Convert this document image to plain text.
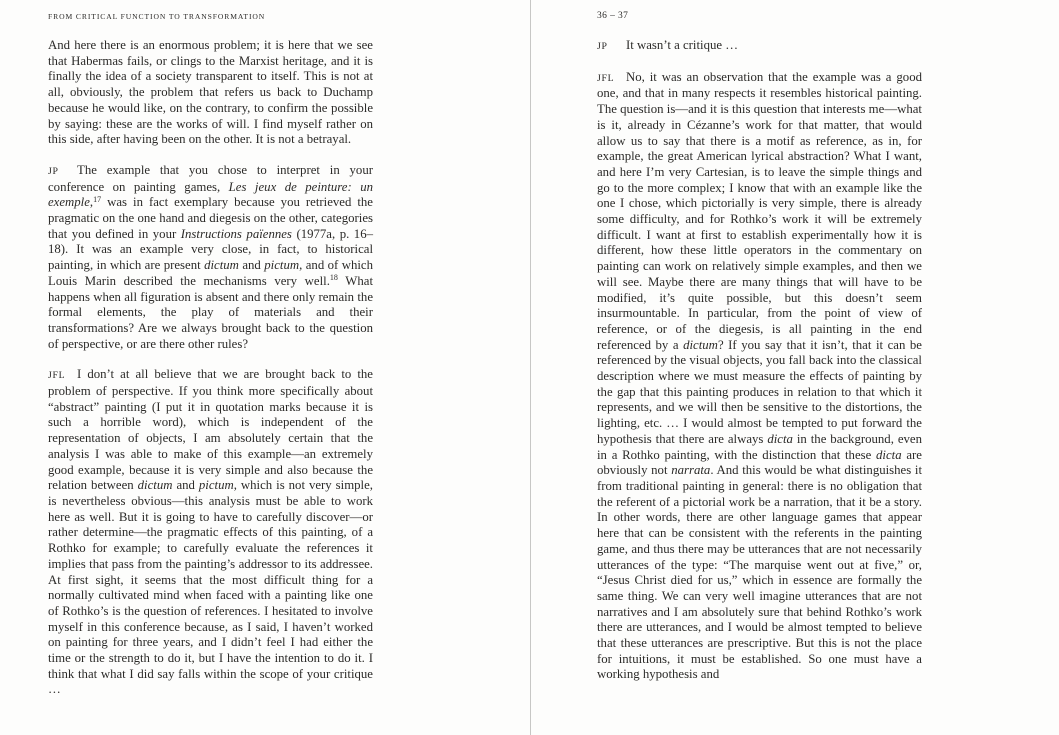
FROM CRITICAL FUNCTION TO TRANSFORMATION

And here there is an enormous problem; it is here that we see that Habermas fails, or clings to the Marxist heritage, and it is finally the idea of a society transparent to itself. This is not at all, obviously, the problem that refers us back to Duchamp because he would like, on the contrary, to confirm the possible by saying: these are the works of will. I find myself rather on this side, after having been on the other. It is not a betrayal.

JP The example that you chose to interpret in your conference on painting games, Les jeux de peinture: un exemple,$^{17}$ was in fact exemplary because you retrieved the pragmatic on the one hand and diegesis on the other, categories that you defined in your Instructions païennes (1977a, p. 16–18). It was an example very close, in fact, to historical painting, in which are present dictum and pictum, and of which Louis Marin described the mechanisms very well.$^{18}$ What happens when all figuration is absent and there only remain the formal elements, the play of materials and their transformations? Are we always brought back to the question of perspective, or are there other rules?

JFL I don’t at all believe that we are brought back to the problem of perspective. If you think more specifically about “abstract” painting (I put it in quotation marks because it is such a horrible word), which is independent of the representation of objects, I am absolutely certain that the analysis I was able to make of this example—an extremely good example, because it is very simple and also because the relation between dictum and pictum, which is not very simple, is nevertheless obvious—this analysis must be able to work here as well. But it is going to have to carefully discover—or rather determine—the pragmatic effects of this painting, of a Rothko for example; to carefully evaluate the references it implies that pass from the painting’s addressor to its addressee. At first sight, it seems that the most difficult thing for a normally cultivated mind when faced with a painting like one of Rothko’s is the question of references. I hesitated to involve myself in this conference because, as I said, I haven’t worked on painting for three years, and I didn’t feel I had either the time or the strength to do it, but I have the intention to do it. I think that what I did say falls within the scope of your critique …

36 – 37

JP It wasn’t a critique …

JFL No, it was an observation that the example was a good one, and that in many respects it resembles historical painting. The question is—and it is this question that interests me—what is it, already in Cézanne’s work for that matter, that would allow us to say that there is a motif as reference, as in, for example, the great American lyrical abstraction? What I want, and here I’m very Cartesian, is to leave the simple things and go to the more complex; I know that with an example like the one I chose, which pictorially is very simple, there is already some difficulty, and for Rothko’s work it will be extremely difficult. I want at first to establish experimentally how it is different, how these little operators in the commentary on painting can work on relatively simple examples, and then we will see. Maybe there are many things that will have to be modified, it’s quite possible, but this doesn’t seem insurmountable. In particular, from the point of view of reference, or of the diegesis, is all painting in the end referenced by a dictum? If you say that it isn’t, that it can be referenced by the visual objects, you fall back into the classical description where we must measure the effects of painting by the gap that this painting produces in relation to that which it represents, and we will then be sensitive to the distortions, the lighting, etc. … I would almost be tempted to put forward the hypothesis that there are always dicta in the background, even in a Rothko painting, with the distinction that these dicta are obviously not narrata. And this would be what distinguishes it from traditional painting in general: there is no obligation that the referent of a pictorial work be a narration, that it be a story. In other words, there are other language games that appear here that can be consistent with the referents in the painting game, and thus there may be utterances that are not necessarily utterances of the type: “The marquise went out at five,” or, “Jesus Christ died for us,” which in essence are formally the same thing. We can very well imagine utterances that are not narratives and I am absolutely sure that behind Rothko’s work there are utterances, and I would be almost tempted to believe that these utterances are prescriptive. But this is not the place for intuitions, it must be established. So one must have a working hypothesis and
